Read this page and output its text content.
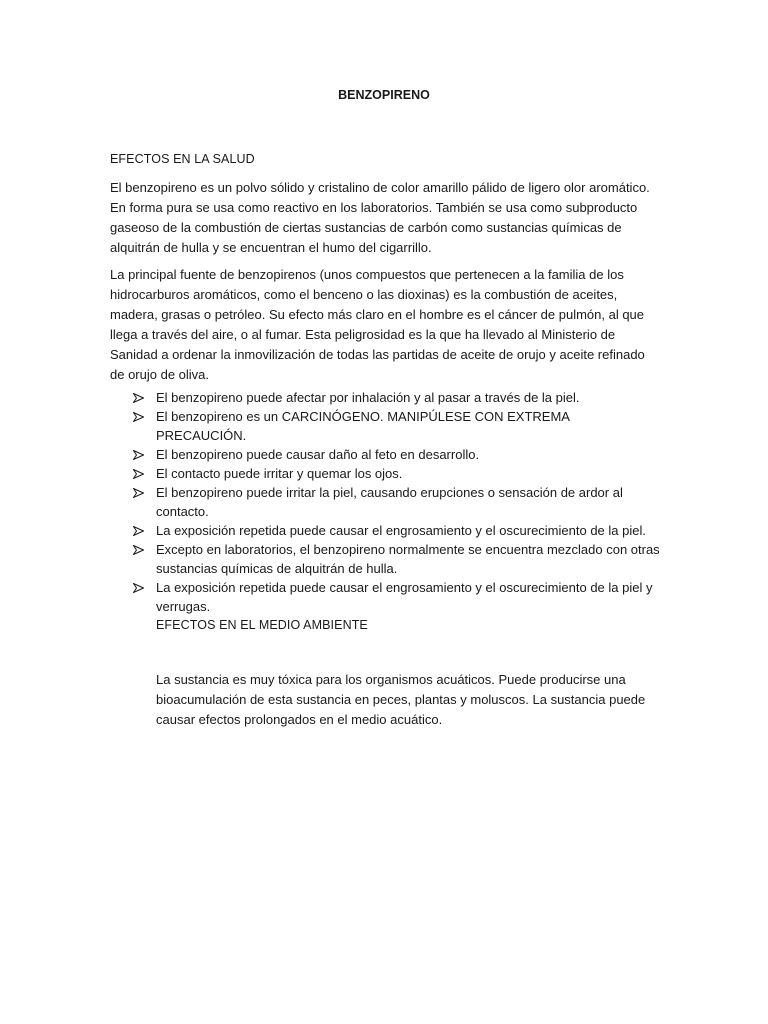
BENZOPIRENO
EFECTOS EN LA SALUD

El benzopireno es un polvo sólido y cristalino de color amarillo pálido de ligero olor aromático. En forma pura se usa como reactivo en los laboratorios. También se usa como subproducto gaseoso de la combustión de ciertas sustancias de carbón como sustancias químicas de alquitrán de hulla y se encuentran el humo del cigarrillo.

La principal fuente de benzopirenos (unos compuestos que pertenecen a la familia de los hidrocarburos aromáticos, como el benceno o las dioxinas) es la combustión de aceites, madera, grasas o petróleo. Su efecto más claro en el hombre es el cáncer de pulmón, al que llega a través del aire, o al fumar. Esta peligrosidad es la que ha llevado al Ministerio de Sanidad a ordenar la inmovilización de todas las partidas de aceite de orujo y aceite refinado de orujo de oliva.

El benzopireno puede afectar por inhalación y al pasar a través de la piel.
El benzopireno es un CARCINÓGENO. MANIPÚLESE CON EXTREMA PRECAUCIÓN.
El benzopireno puede causar daño al feto en desarrollo.
El contacto puede irritar y quemar los ojos.
El benzopireno puede irritar la piel, causando erupciones o sensación de ardor al contacto.
La exposición repetida puede causar el engrosamiento y el oscurecimiento de la piel.
Excepto en laboratorios, el benzopireno normalmente se encuentra mezclado con otras sustancias químicas de alquitrán de hulla.
La exposición repetida puede causar el engrosamiento y el oscurecimiento de la piel y verrugas.
EFECTOS EN EL MEDIO AMBIENTE

La sustancia es muy tóxica para los organismos acuáticos. Puede producirse una bioacumulación de esta sustancia en peces, plantas y moluscos. La sustancia puede causar efectos prolongados en el medio acuático.
